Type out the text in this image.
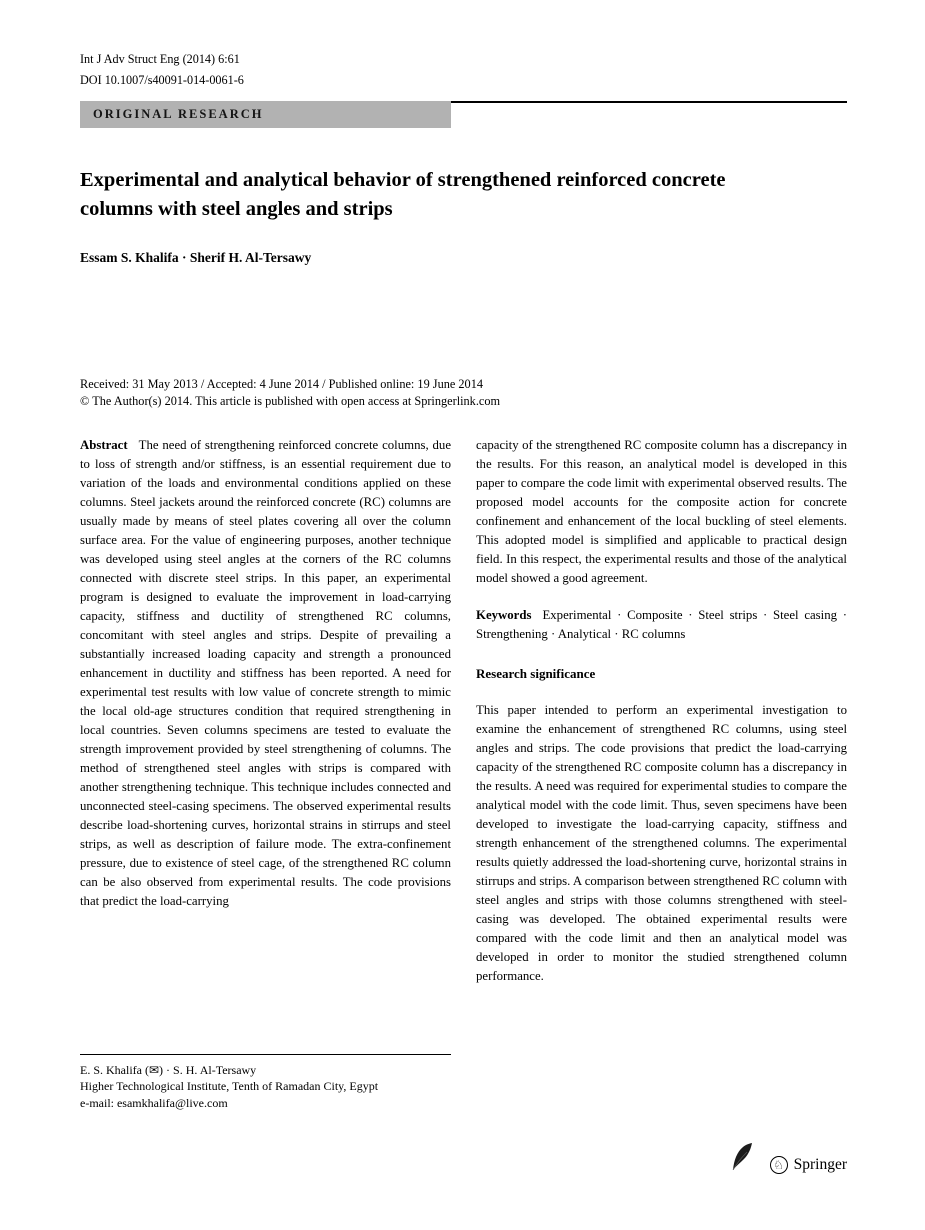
Int J Adv Struct Eng (2014) 6:61
DOI 10.1007/s40091-014-0061-6
ORIGINAL RESEARCH
Experimental and analytical behavior of strengthened reinforced concrete columns with steel angles and strips
Essam S. Khalifa · Sherif H. Al-Tersawy
Received: 31 May 2013 / Accepted: 4 June 2014 / Published online: 19 June 2014
© The Author(s) 2014. This article is published with open access at Springerlink.com

Abstract The need of strengthening reinforced concrete columns, due to loss of strength and/or stiffness, is an essential requirement due to variation of the loads and environmental conditions applied on these columns. Steel jackets around the reinforced concrete (RC) columns are usually made by means of steel plates covering all over the column surface area. For the value of engineering purposes, another technique was developed using steel angles at the corners of the RC columns connected with discrete steel strips. In this paper, an experimental program is designed to evaluate the improvement in load-carrying capacity, stiffness and ductility of strengthened RC columns, concomitant with steel angles and strips. Despite of prevailing a substantially increased loading capacity and strength a pronounced enhancement in ductility and stiffness has been reported. A need for experimental test results with low value of concrete strength to mimic the local old-age structures condition that required strengthening in local countries. Seven columns specimens are tested to evaluate the strength improvement provided by steel strengthening of columns. The method of strengthened steel angles with strips is compared with another strengthening technique. This technique includes connected and unconnected steel-casing specimens. The observed experimental results describe load-shortening curves, horizontal strains in stirrups and steel strips, as well as description of failure mode. The extra-confinement pressure, due to existence of steel cage, of the strengthened RC column can be also observed from experimental results. The code provisions that predict the load-carrying

E. S. Khalifa (✉) · S. H. Al-Tersawy
Higher Technological Institute, Tenth of Ramadan City, Egypt
e-mail: esamkhalifa@live.com

capacity of the strengthened RC composite column has a discrepancy in the results. For this reason, an analytical model is developed in this paper to compare the code limit with experimental observed results. The proposed model accounts for the composite action for concrete confinement and enhancement of the local buckling of steel elements. This adopted model is simplified and applicable to practical design field. In this respect, the experimental results and those of the analytical model showed a good agreement.

Keywords Experimental · Composite · Steel strips · Steel casing · Strengthening · Analytical · RC columns

Research significance

This paper intended to perform an experimental investigation to examine the enhancement of strengthened RC columns, using steel angles and strips. The code provisions that predict the load-carrying capacity of the strengthened RC composite column has a discrepancy in the results. A need was required for experimental studies to compare the analytical model with the code limit. Thus, seven specimens have been developed to investigate the load-carrying capacity, stiffness and strength enhancement of the strengthened columns. The experimental results quietly addressed the load-shortening curve, horizontal strains in stirrups and strips. A comparison between strengthened RC column with steel angles and strips with those columns strengthened with steel-casing was developed. The obtained experimental results were compared with the code limit and then an analytical model was developed in order to monitor the studied strengthened column performance.

♘ Springer
